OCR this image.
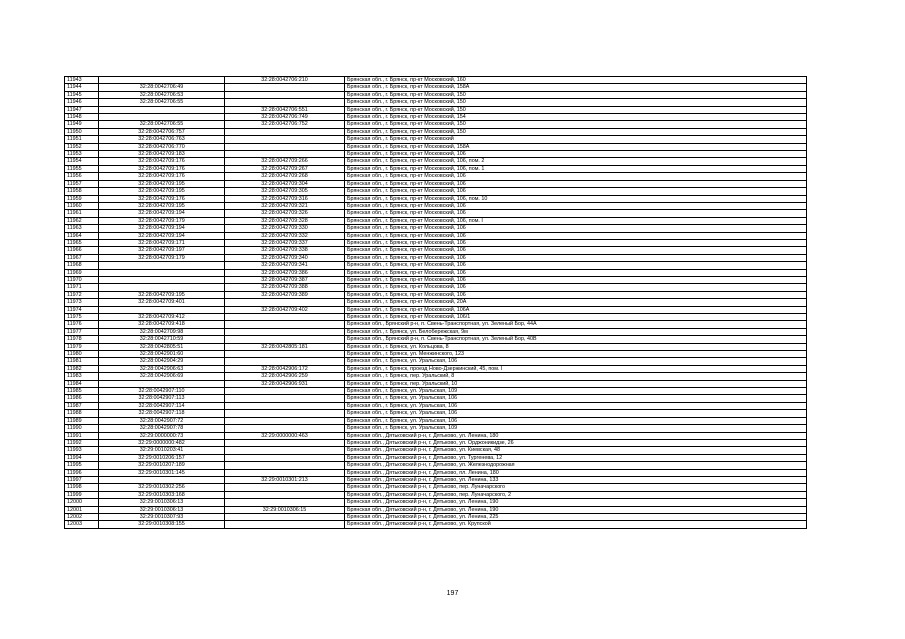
11943		32:28:0042706:210	Брянская обл., г. Брянск, пр-кт Московский, 160
11944	32:28:0042706:49		Брянская обл., г. Брянск, пр-кт Московский, 158А
11945	32:28:0042706:53		Брянская обл., г. Брянск, пр-кт Московский, 150
11946	32:28:0042706:55		Брянская обл., г. Брянск, пр-кт Московский, 150
11947		32:28:0042706:551	Брянская обл., г. Брянск, пр-кт Московский, 150
11948		32:28:0042706:749	Брянская обл., г. Брянск, пр-кт Московский, 154
11949	32:28:0042706:55	32:28:0042706:752	Брянская обл., г. Брянск, пр-кт Московский, 150
11950	32:28:0042706:757		Брянская обл., г. Брянск, пр-кт Московский, 150
11951	32:28:0042706:763		Брянская обл., г. Брянск, пр-кт Московский
11952	32:28:0042706:770		Брянская обл., г. Брянск, пр-кт Московский, 158А
11953	32:28:0042709:183		Брянская обл., г. Брянск, пр-кт Московский, 106
11954	32:28:0042709:176	32:28:0042709:266	Брянская обл., г. Брянск, пр-кт Московский, 106, пом. 2
11955	32:28:0042709:176	32:28:0042709:267	Брянская обл., г. Брянск, пр-кт Московский, 106, пом. 1
11956	32:28:0042709:176	32:28:0042709:268	Брянская обл., г. Брянск, пр-кт Московский, 106
11957	32:28:0042709:195	32:28:0042709:304	Брянская обл., г. Брянск, пр-кт Московский, 106
11958	32:28:0042709:195	32:28:0042709:305	Брянская обл., г. Брянск, пр-кт Московский, 106
11959	32:28:0042709:176	32:28:0042709:316	Брянская обл., г. Брянск, пр-кт Московский, 106, пом. 10
11960	32:28:0042709:195	32:28:0042709:321	Брянская обл., г. Брянск, пр-кт Московский, 106
11961	32:28:0042709:194	32:28:0042709:326	Брянская обл., г. Брянск, пр-кт Московский, 106
11962	32:28:0042709:179	32:28:0042709:328	Брянская обл., г. Брянск, пр-кт Московский, 106, пом. I
11963	32:28:0042709:194	32:28:0042709:330	Брянская обл., г. Брянск, пр-кт Московский, 106
11964	32:28:0042709:194	32:28:0042709:332	Брянская обл., г. Брянск, пр-кт Московский, 106
11965	32:28:0042709:171	32:28:0042709:337	Брянская обл., г. Брянск, пр-кт Московский, 106
11966	32:28:0042709:197	32:28:0042709:338	Брянская обл., г. Брянск, пр-кт Московский, 106
11967	32:28:0042709:179	32:28:0042709:340	Брянская обл., г. Брянск, пр-кт Московский, 106
11968		32:28:0042709:341	Брянская обл., г. Брянск, пр-кт Московский, 106
11969		32:28:0042709:386	Брянская обл., г. Брянск, пр-кт Московский, 106
11970		32:28:0042709:387	Брянская обл., г. Брянск, пр-кт Московский, 106
11971		32:28:0042709:388	Брянская обл., г. Брянск, пр-кт Московский, 106
11972	32:28:0042709:195	32:28:0042709:389	Брянская обл., г. Брянск, пр-кт Московский, 106
11973	32:28:0042709:401		Брянская обл., г. Брянск, пр-кт Московский, 20А
11974		32:28:0042709:402	Брянская обл., г. Брянск, пр-кт Московский, 106А
11975	32:28:0042709:412		Брянская обл., г. Брянск, пр-кт Московский, 106/1
11976	32:28:0042709:418		Брянская обл., Брянский р-н, п. Свень-Транспортная, ул. Зеленый Бор, 44А
11977	32:28:0042709:98		Брянская обл., г. Брянск, ул. Белобережская, 9м
11978	32:28:0042710:59		Брянская обл., Брянский р-н, п. Свень-Транспортная, ул. Зеленый Бор, 40В
11979	32:28:0042805:51	32:28:0042805:181	Брянская обл., г. Брянск, ул. Кольцова, 8
11980	32:28:0042901:60		Брянская обл., г. Брянск, ул. Менжинского, 123
11981	32:28:0042904:29		Брянская обл., г. Брянск, ул. Уральская, 106
11982	32:28:0042906:63	32:28:0042906:172	Брянская обл., г. Брянск, проезд Ново-Дзержинский, 45, пом. I
11983	32:28:0042906:69	32:28:0042906:259	Брянская обл., г. Брянск, пер. Уральский, 8
11984		32:28:0042906:931	Брянская обл., г. Брянск, пер. Уральский, 10
11985	32:28:0042907:110		Брянская обл., г. Брянск, ул. Уральская, 109
11986	32:28:0042907:113		Брянская обл., г. Брянск, ул. Уральская, 106
11987	32:28:0042907:114		Брянская обл., г. Брянск, ул. Уральская, 106
11988	32:28:0042907:118		Брянская обл., г. Брянск, ул. Уральская, 106
11989	32:28:0042907:72		Брянская обл., г. Брянск, ул. Уральская, 106
11990	32:28:0042907:78		Брянская обл., г. Брянск, ул. Уральская, 109
11991	32:29:0000000:73	32:29:0000000:463	Брянская обл., Дятьковский р-н, г. Дятьково, ул. Ленина, 180
11992	32:29:0000000:482		Брянская обл., Дятьковский р-н, г. Дятьково, ул. Орджоникидзе, 26
11993	32:29:0010203:41		Брянская обл., Дятьковский р-н, г. Дятьково, ул. Киевская, 48
11994	32:29:0010206:157		Брянская обл., Дятьковский р-н, г. Дятьково, ул. Тургенева, 12
11995	32:29:0010207:189		Брянская обл., Дятьковский р-н, г. Дятьково, ул. Железнодорожная
11996	32:29:0010301:145		Брянская обл., Дятьковский р-н, г. Дятьково, пл. Ленина, 180
11997		32:29:0010301:213	Брянская обл., Дятьковский р-н, г. Дятьково, ул. Ленина, 133
11998	32:29:0010302:256		Брянская обл., Дятьковский р-н, г. Дятьково, пер. Луначарского
11999	32:29:0010303:168		Брянская обл., Дятьковский р-н, г. Дятьково, пер. Луначарского, 2
12000	32:29:0010306:13		Брянская обл., Дятьковский р-н, г. Дятьково, ул. Ленина, 190
12001	32:29:0010306:13	32:29:0010306:15	Брянская обл., Дятьковский р-н, г. Дятьково, ул. Ленина, 190
12002	32:29:0010307:93		Брянская обл., Дятьковский р-н, г. Дятьково, ул. Ленина, 225
12003	32:29:0010308:155		Брянская обл., Дятьковский р-н, г. Дятьково, ул. Крупской
197
